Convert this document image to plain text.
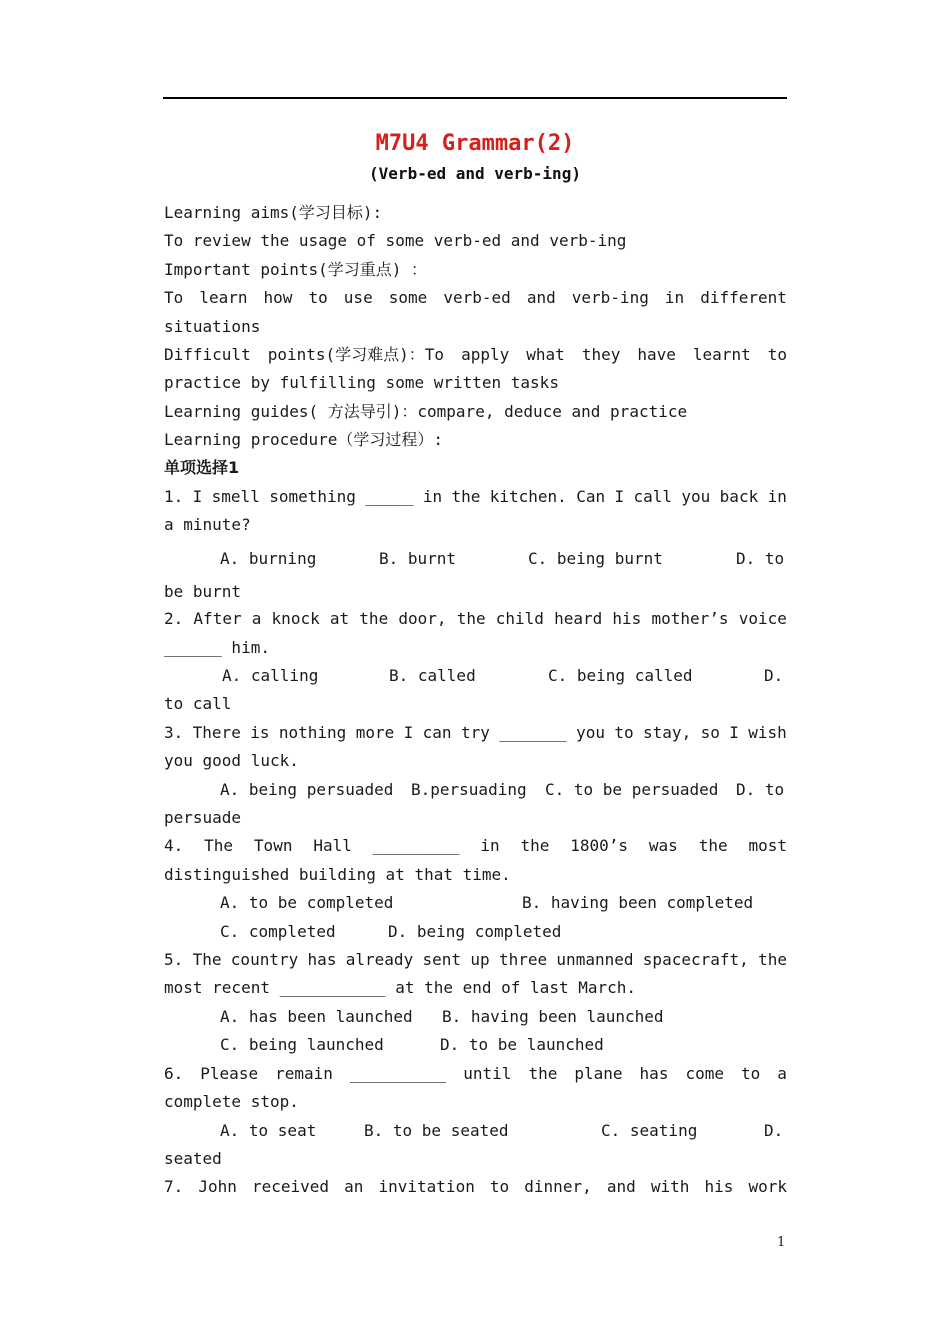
M7U4 Grammar(2)
(Verb-ed and verb-ing)
Learning aims(学习目标):
To review the usage of some verb-ed and verb-ing
Important points(学习重点) ：
To learn how to use some verb-ed and verb-ing in different
situations
Difficult points(学习难点)：To apply what they have learnt to
practice by fulfilling some written tasks
Learning guides( 方法导引)：compare, deduce and practice
Learning procedure（学习过程）:
单项选择1
1. I smell something _____ in the kitchen. Can I call you back in
a minute?
A. burning	B. burnt	C. being burnt	D. to
be burnt
2. After a knock at the door, the child heard his mother’s voice
______ him.
A. calling	B. called	C. being called	D.
to call
3. There is nothing more I can try _______ you to stay, so I wish
you good luck.
A. being persuaded B.persuading C. to be persuaded D. to
persuade
4. The Town Hall _________ in the 1800’s was the most
distinguished building at that time.
A. to be completed	B. having been completed
C. completed	D. being completed
5. The country has already sent up three unmanned spacecraft, the
most recent ___________ at the end of last March.
A. has been launched B. having been launched
C. being launched	D. to be launched
6. Please remain __________ until the plane has come to a
complete stop.
A. to seat	B. to be seated	C. seating	D.
seated
7. John received an invitation to dinner, and with his work
1
